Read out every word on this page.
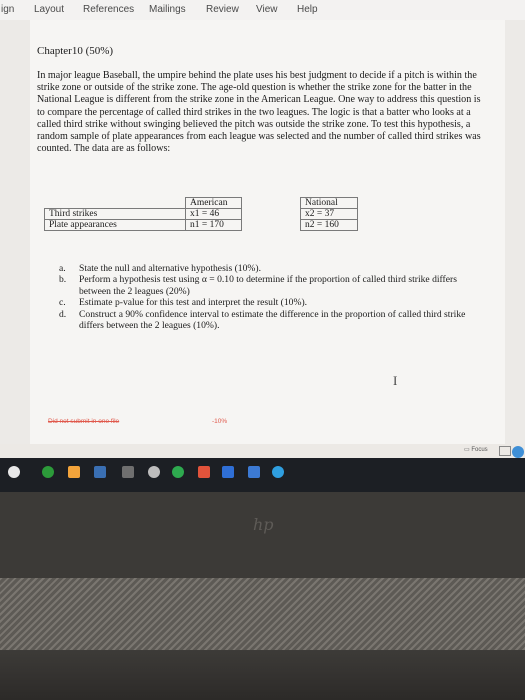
ign Layout References Mailings Review View Help
Chapter10 (50%)
In major league Baseball, the umpire behind the plate uses his best judgment to decide if a pitch is within the strike zone or outside of the strike zone. The age-old question is whether the strike zone for the batter in the National League is different from the strike zone in the American League. One way to address this question is to compare the percentage of called third strikes in the two leagues. The logic is that a batter who looks at a called third strike without swinging believed the pitch was outside the strike zone. To test this hypothesis, a random sample of plate appearances from each league was selected and the number of called third strikes was counted. The data are as follows:
	American		National
Third strikes	x1 = 46		x2 = 37
Plate appearances	n1 = 170		n2 = 160
a. State the null and alternative hypothesis (10%).
b. Perform a hypothesis test using α = 0.10 to determine if the proportion of called third strike differs between the 2 leagues (20%)
c. Estimate p-value for this test and interpret the result (10%).
d. Construct a 90% confidence interval to estimate the difference in the proportion of called third strike differs between the 2 leagues (10%).
I
Did not submit in one file	-10%
▭ Focus
hp
